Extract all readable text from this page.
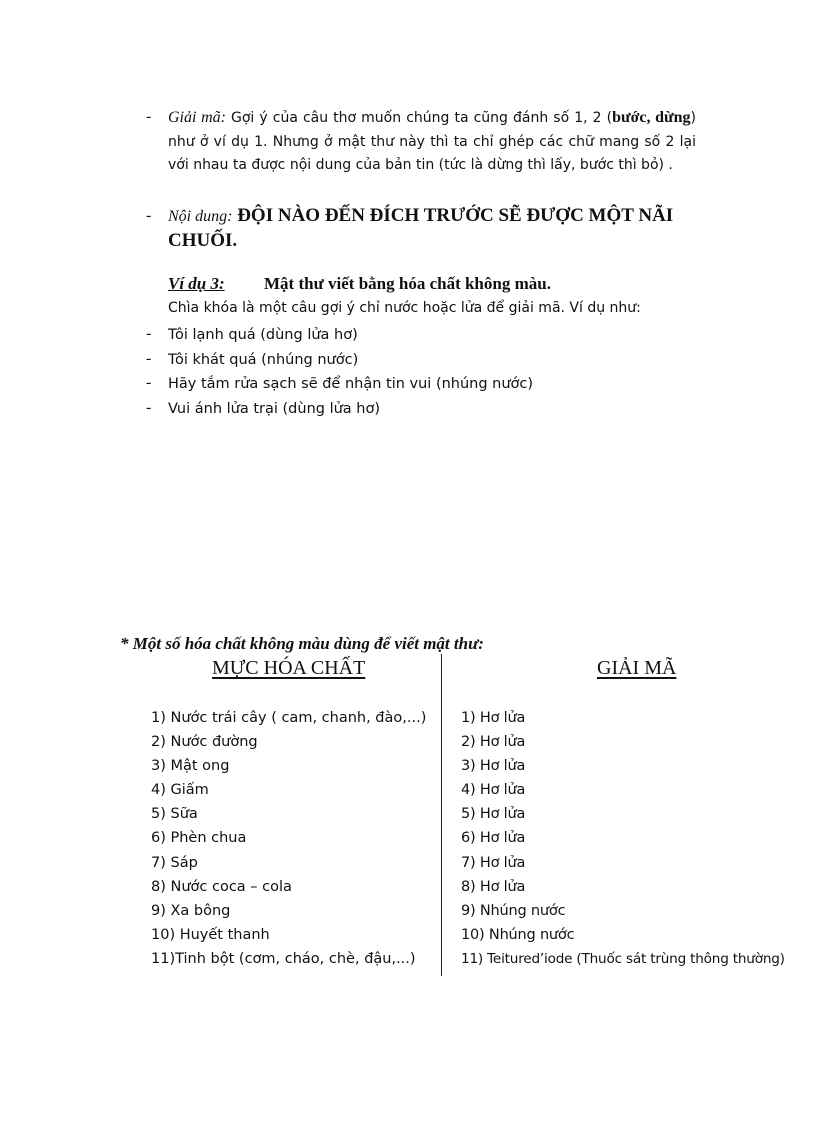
- Giải mã: Gợi ý của câu thơ muốn chúng ta cũng đánh số 1, 2 (bước, dừng) như ở ví dụ 1. Nhưng ở mật thư này thì ta chỉ ghép các chữ mang số 2 lại với nhau ta được nội dung của bản tin (tức là dừng thì lấy, bước thì bỏ) .
- Nội dung: ĐỘI NÀO ĐẾN ĐÍCH TRƯỚC SẼ ĐƯỢC MỘT NÃI CHUỐI.
Ví dụ 3: Mật thư viết bằng hóa chất không màu.
Chìa khóa là một câu gợi ý chỉ nước hoặc lửa để giải mã. Ví dụ như:
-
-
-
-
Tôi lạnh quá (dùng lửa hơ)
Tôi khát quá (nhúng nước)
Hãy tắm rửa sạch sẽ để nhận tin vui (nhúng nước)
Vui ánh lửa trại (dùng lửa hơ)
* Một số hóa chất không màu dùng để viết mật thư:
MỰC HÓA CHẤT	GIẢI MÃ
1) Nước trái cây ( cam, chanh, đào,...)
2) Nước đường
3) Mật ong
4) Giấm
5) Sữa
6) Phèn chua
7) Sáp
8) Nước coca – cola
9) Xa bông
10) Huyết thanh
11)Tinh bột (cơm, cháo, chè, đậu,...)
1) Hơ lửa
2) Hơ lửa
3) Hơ lửa
4) Hơ lửa
5) Hơ lửa
6) Hơ lửa
7) Hơ lửa
8) Hơ lửa
9) Nhúng nước
10) Nhúng nước
11) Teitured’iode (Thuốc sát trùng thông thường)
